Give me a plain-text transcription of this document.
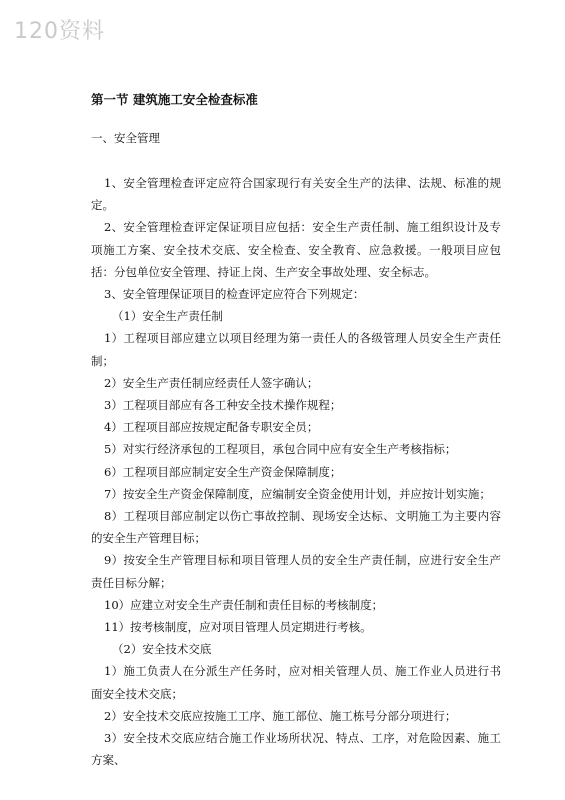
120资料
第一节 建筑施工安全检查标准
一、安全管理

1、安全管理检查评定应符合国家现行有关安全生产的法律、法规、标准的规定。

2、安全管理检查评定保证项目应包括：安全生产责任制、施工组织设计及专项施工方案、安全技术交底、安全检查、安全教育、应急救援。一般项目应包括：分包单位安全管理、持证上岗、生产安全事故处理、安全标志。

3、安全管理保证项目的检查评定应符合下列规定：

（1）安全生产责任制

1）工程项目部应建立以项目经理为第一责任人的各级管理人员安全生产责任制；

2）安全生产责任制应经责任人签字确认；

3）工程项目部应有各工种安全技术操作规程；

4）工程项目部应按规定配备专职安全员；

5）对实行经济承包的工程项目，承包合同中应有安全生产考核指标；

6）工程项目部应制定安全生产资金保障制度；

7）按安全生产资金保障制度，应编制安全资金使用计划，并应按计划实施；

8）工程项目部应制定以伤亡事故控制、现场安全达标、文明施工为主要内容的安全生产管理目标；

9）按安全生产管理目标和项目管理人员的安全生产责任制，应进行安全生产责任目标分解；

10）应建立对安全生产责任制和责任目标的考核制度；

11）按考核制度，应对项目管理人员定期进行考核。

（2）安全技术交底

1）施工负责人在分派生产任务时，应对相关管理人员、施工作业人员进行书面安全技术交底；

2）安全技术交底应按施工工序、施工部位、施工栋号分部分项进行；

3）安全技术交底应结合施工作业场所状况、特点、工序，对危险因素、施工方案、
